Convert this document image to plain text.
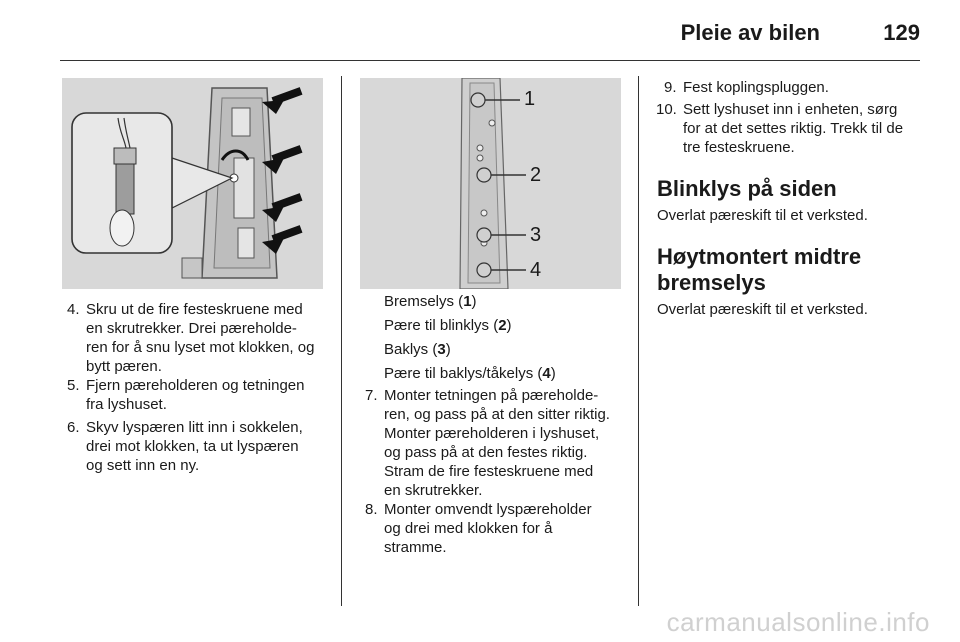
Pleie av bilen	129
4. Skru ut de fire festeskruene med
en skrutrekker. Drei pæreholde-
ren for å snu lyset mot klokken, og
bytt pæren.
5. Fjern pæreholderen og tetningen
fra lyshuset.
6. Skyv lyspæren litt inn i sokkelen,
drei mot klokken, ta ut lyspæren
og sett inn en ny.
1
2
3
4
Bremselys (1)
Pære til blinklys (2)
Baklys (3)
Pære til baklys/tåkelys (4)
7. Monter tetningen på pæreholde-
ren, og pass på at den sitter riktig.
Monter pæreholderen i lyshuset,
og pass på at den festes riktig.
Stram de fire festeskruene med
en skrutrekker.
8. Monter omvendt lyspæreholder
og drei med klokken for å
stramme.
9. Fest koplingspluggen.
10. Sett lyshuset inn i enheten, sørg
for at det settes riktig. Trekk til de
tre festeskruene.
Blinklys på siden
Overlat pæreskift til et verksted.
Høytmontert midtre
bremselys
Overlat pæreskift til et verksted.
carmanualsonline.info
